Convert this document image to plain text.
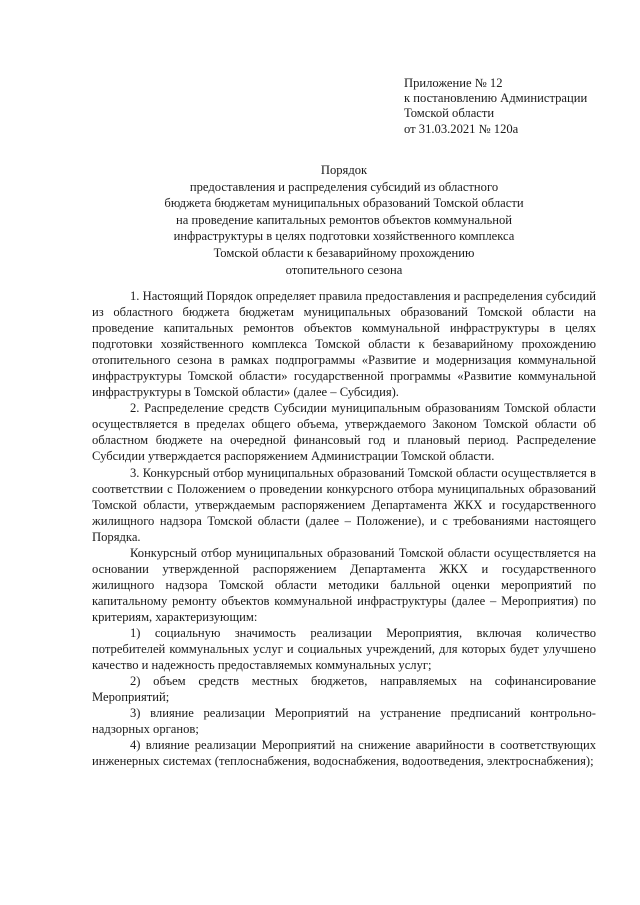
Приложение № 12
к постановлению Администрации
Томской области
от 31.03.2021 № 120а
Порядок
предоставления и распределения субсидий из областного
бюджета бюджетам муниципальных образований Томской области
на проведение капитальных ремонтов объектов коммунальной
инфраструктуры в целях подготовки хозяйственного комплекса
Томской области к безаварийному прохождению
отопительного сезона

1. Настоящий Порядок определяет правила предоставления и распределения субсидий из областного бюджета бюджетам муниципальных образований Томской области на проведение капитальных ремонтов объектов коммунальной инфраструктуры в целях подготовки хозяйственного комплекса Томской области к безаварийному прохождению отопительного сезона в рамках подпрограммы «Развитие и модернизация коммунальной инфраструктуры Томской области» государственной программы «Развитие коммунальной инфраструктуры в Томской области» (далее – Субсидия).

2. Распределение средств Субсидии муниципальным образованиям Томской области осуществляется в пределах общего объема, утверждаемого Законом Томской области об областном бюджете на очередной финансовый год и плановый период. Распределение Субсидии утверждается распоряжением Администрации Томской области.

3. Конкурсный отбор муниципальных образований Томской области осуществляется в соответствии с Положением о проведении конкурсного отбора муниципальных образований Томской области, утверждаемым распоряжением Департамента ЖКХ и государственного жилищного надзора Томской области (далее – Положение), и с требованиями настоящего Порядка.

Конкурсный отбор муниципальных образований Томской области осуществляется на основании утвержденной распоряжением Департамента ЖКХ и государственного жилищного надзора Томской области методики балльной оценки мероприятий по капитальному ремонту объектов коммунальной инфраструктуры (далее – Мероприятия) по критериям, характеризующим:

1) социальную значимость реализации Мероприятия, включая количество потребителей коммунальных услуг и социальных учреждений, для которых будет улучшено качество и надежность предоставляемых коммунальных услуг;

2) объем средств местных бюджетов, направляемых на софинансирование Мероприятий;

3) влияние реализации Мероприятий на устранение предписаний контрольно-надзорных органов;

4) влияние реализации Мероприятий на снижение аварийности в соответствующих инженерных системах (теплоснабжения, водоснабжения, водоотведения, электроснабжения);
